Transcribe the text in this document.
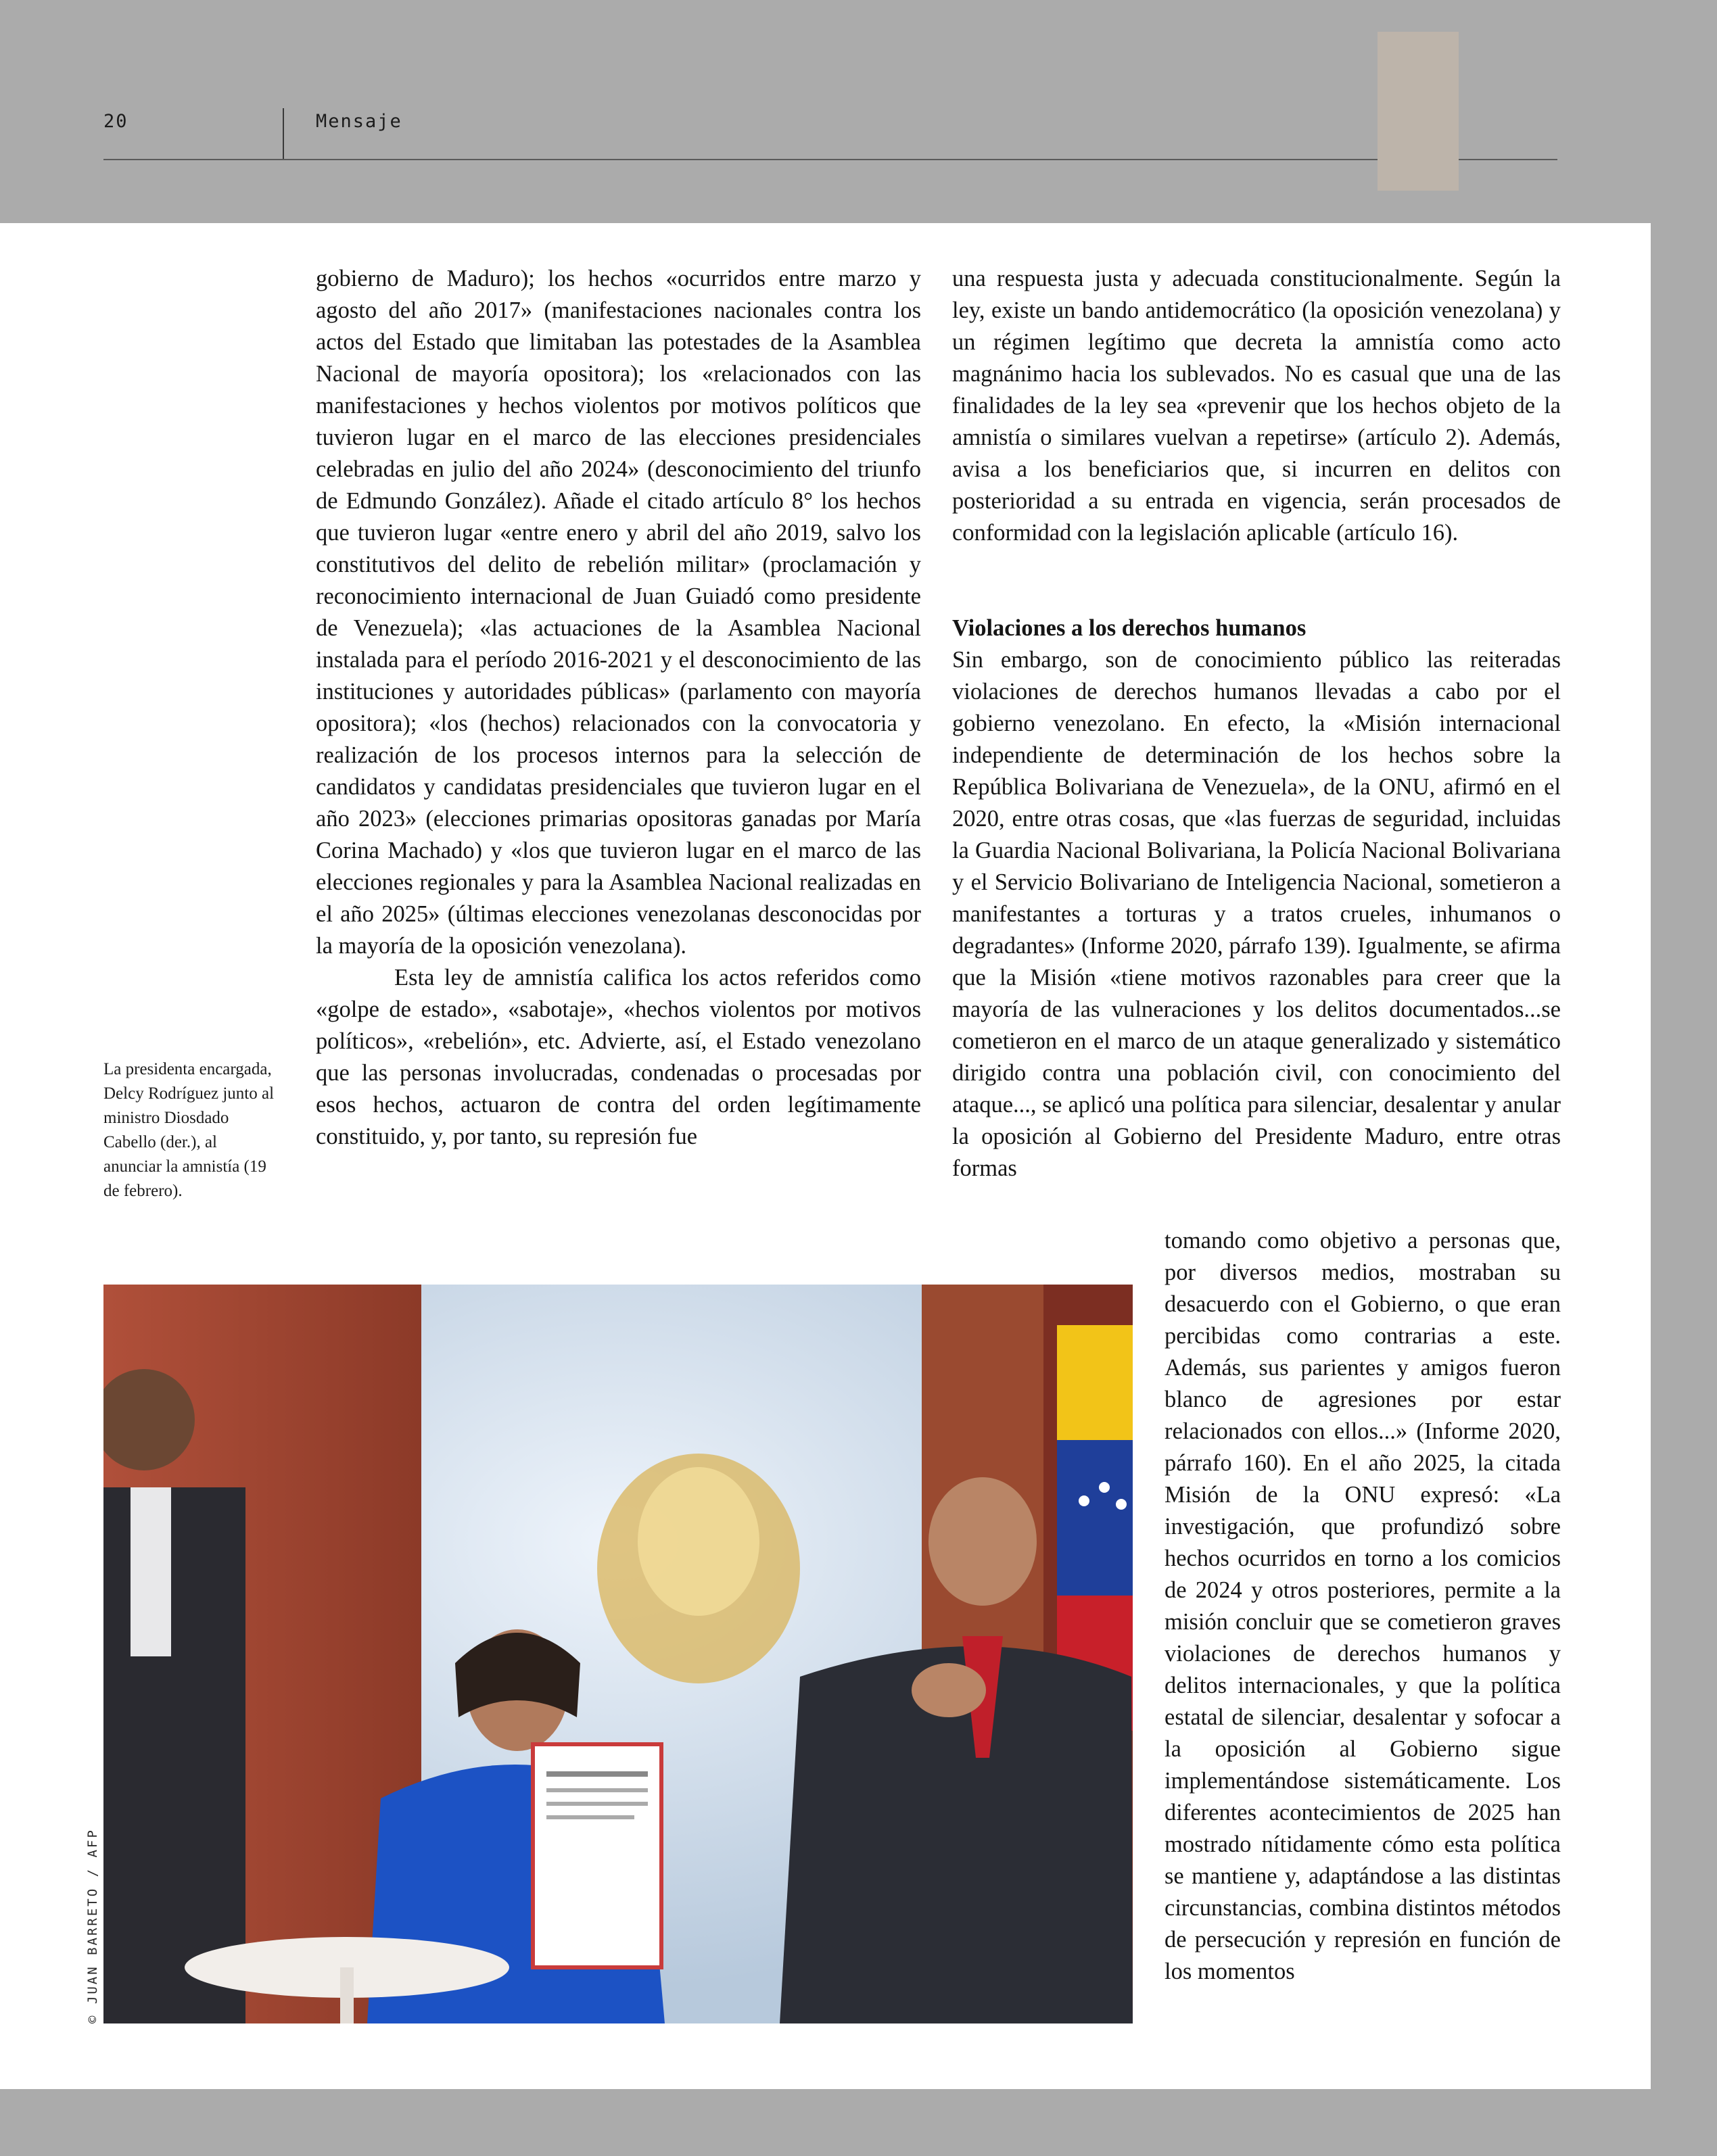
20	Mensaje

gobierno de Maduro); los hechos «ocurridos entre marzo y agosto del año 2017» (manifestaciones nacionales contra los actos del Estado que limitaban las potestades de la Asamblea Nacional de mayoría opositora); los «relacionados con las manifestaciones y hechos violentos por motivos políticos que tuvieron lugar en el marco de las elecciones presidenciales celebradas en julio del año 2024» (desconocimiento del triunfo de Edmundo González). Añade el citado artículo 8° los hechos que tuvieron lugar «entre enero y abril del año 2019, salvo los constitutivos del delito de rebelión militar» (proclamación y reconocimiento internacional de Juan Guiadó como presidente de Venezuela); «las actuaciones de la Asamblea Nacional instalada para el período 2016-2021 y el desconocimiento de las instituciones y autoridades públicas» (parlamento con mayoría opositora); «los (hechos) relacionados con la convocatoria y realización de los procesos internos para la selección de candidatos y candidatas presidenciales que tuvieron lugar en el año 2023» (elecciones primarias opositoras ganadas por María Corina Machado) y «los que tuvieron lugar en el marco de las elecciones regionales y para la Asamblea Nacional realizadas en el año 2025» (últimas elecciones venezolanas desconocidas por la mayoría de la oposición venezolana).

Esta ley de amnistía califica los actos referidos como «golpe de estado», «sabotaje», «hechos violentos por motivos políticos», «rebelión», etc. Advierte, así, el Estado venezolano que las personas involucradas, condenadas o procesadas por esos hechos, actuaron de contra del orden legítimamente constituido, y, por tanto, su represión fue

una respuesta justa y adecuada constitucionalmente. Según la ley, existe un bando antidemocrático (la oposición venezolana) y un régimen legítimo que decreta la amnistía como acto magnánimo hacia los sublevados. No es casual que una de las finalidades de la ley sea «prevenir que los hechos objeto de la amnistía o similares vuelvan a repetirse» (artículo 2). Además, avisa a los beneficiarios que, si incurren en delitos con posterioridad a su entrada en vigencia, serán procesados de conformidad con la legislación aplicable (artículo 16).

Violaciones a los derechos humanos

Sin embargo, son de conocimiento público las reiteradas violaciones de derechos humanos llevadas a cabo por el gobierno venezolano. En efecto, la «Misión internacional independiente de determinación de los hechos sobre la República Bolivariana de Venezuela», de la ONU, afirmó en el 2020, entre otras cosas, que «las fuerzas de seguridad, incluidas la Guardia Nacional Bolivariana, la Policía Nacional Bolivariana y el Servicio Bolivariano de Inteligencia Nacional, sometieron a manifestantes a torturas y a tratos crueles, inhumanos o degradantes» (Informe 2020, párrafo 139). Igualmente, se afirma que la Misión «tiene motivos razonables para creer que la mayoría de las vulneraciones y los delitos documentados...se cometieron en el marco de un ataque generalizado y sistemático dirigido contra una población civil, con conocimiento del ataque..., se aplicó una política para silenciar, desalentar y anular la oposición al Gobierno del Presidente Maduro, entre otras formas

tomando como objetivo a personas que, por diversos medios, mostraban su desacuerdo con el Gobierno, o que eran percibidas como contrarias a este. Además, sus parientes y amigos fueron blanco de agresiones por estar relacionados con ellos...» (Informe 2020, párrafo 160). En el año 2025, la citada Misión de la ONU expresó: «La investigación, que profundizó sobre hechos ocurridos en torno a los comicios de 2024 y otros posteriores, permite a la misión concluir que se cometieron graves violaciones de derechos humanos y delitos internacionales, y que la política estatal de silenciar, desalentar y sofocar a la oposición al Gobierno sigue implementándose sistemáticamente. Los diferentes acontecimientos de 2025 han mostrado nítidamente cómo esta política se mantiene y, adaptándose a las distintas circunstancias, combina distintos métodos de persecución y represión en función de los momentos

La presidenta encargada, Delcy Rodríguez junto al ministro Diosdado Cabello (der.), al anunciar la amnistía (19 de febrero).
© JUAN BARRETO / AFP
